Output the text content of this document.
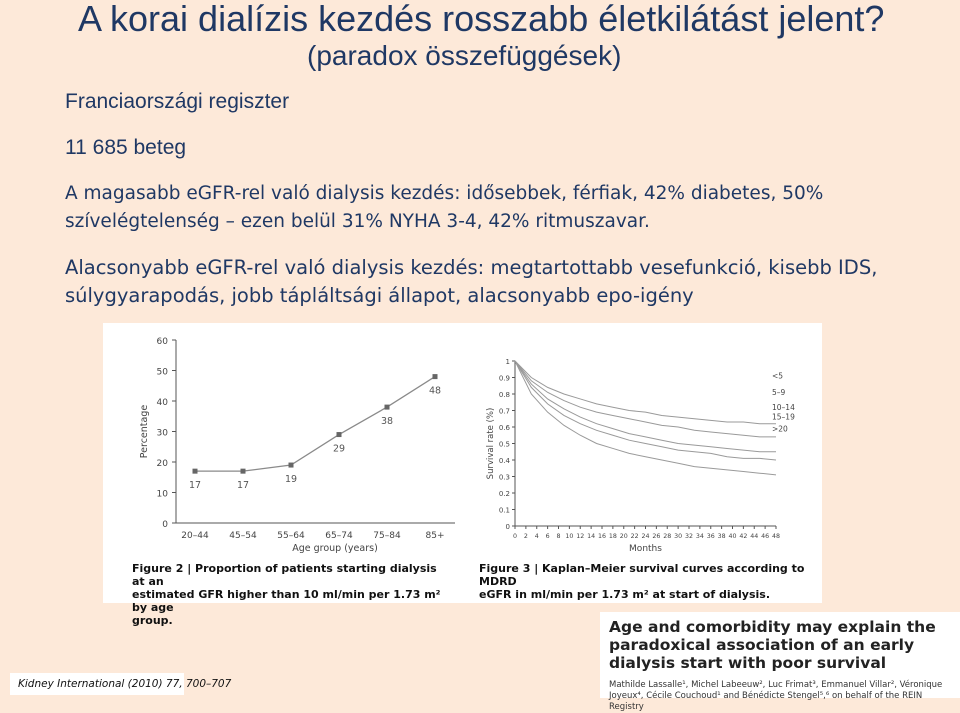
A korai dialízis kezdés rosszabb életkilátást jelent?
(paradox összefüggések)
Franciaországi regiszter
11 685 beteg
A magasabb eGFR-rel való dialysis kezdés: idősebbek, férfiak, 42% diabetes, 50% szívelégtelenség – ezen belül 31% NYHA 3-4, 42% ritmuszavar.
Alacsonyabb eGFR-rel való dialysis kezdés: megtartottabb vesefunkció, kisebb IDS, súlygyarapodás, jobb tápláltsági állapot, alacsonyabb epo-igény
0
10
20
30
40
50
60
20–44 45–54 55–64 65–74 75–84	85+
17	17
19
29
38
48
Age group (years)
Percentage
0
0.1
0.2
0.3
0.4
0.5
0.6
0.7
0.8
0.9
1
0 2 4 6 8 10 12 14 16 18 20 22 24 26 28 30 32 34 36 38 40 42 44 46 48
<5
5–9
10–14
15–19
>20
Months
Survival rate (%)
Figure 2 | Proportion of patients starting dialysis at an
estimated GFR higher than 10 ml/min per 1.73 m² by age
group.
Figure 3 | Kaplan–Meier survival curves according to MDRD
eGFR in ml/min per 1.73 m² at start of dialysis.
Kidney International (2010) 77, 700–707
Age and comorbidity may explain the paradoxical association of an early dialysis start with poor survival
Mathilde Lassalle¹, Michel Labeeuw², Luc Frimat³, Emmanuel Villar², Véronique Joyeux⁴, Cécile Couchoud¹ and Bénédicte Stengel⁵,⁶ on behalf of the REIN Registry
